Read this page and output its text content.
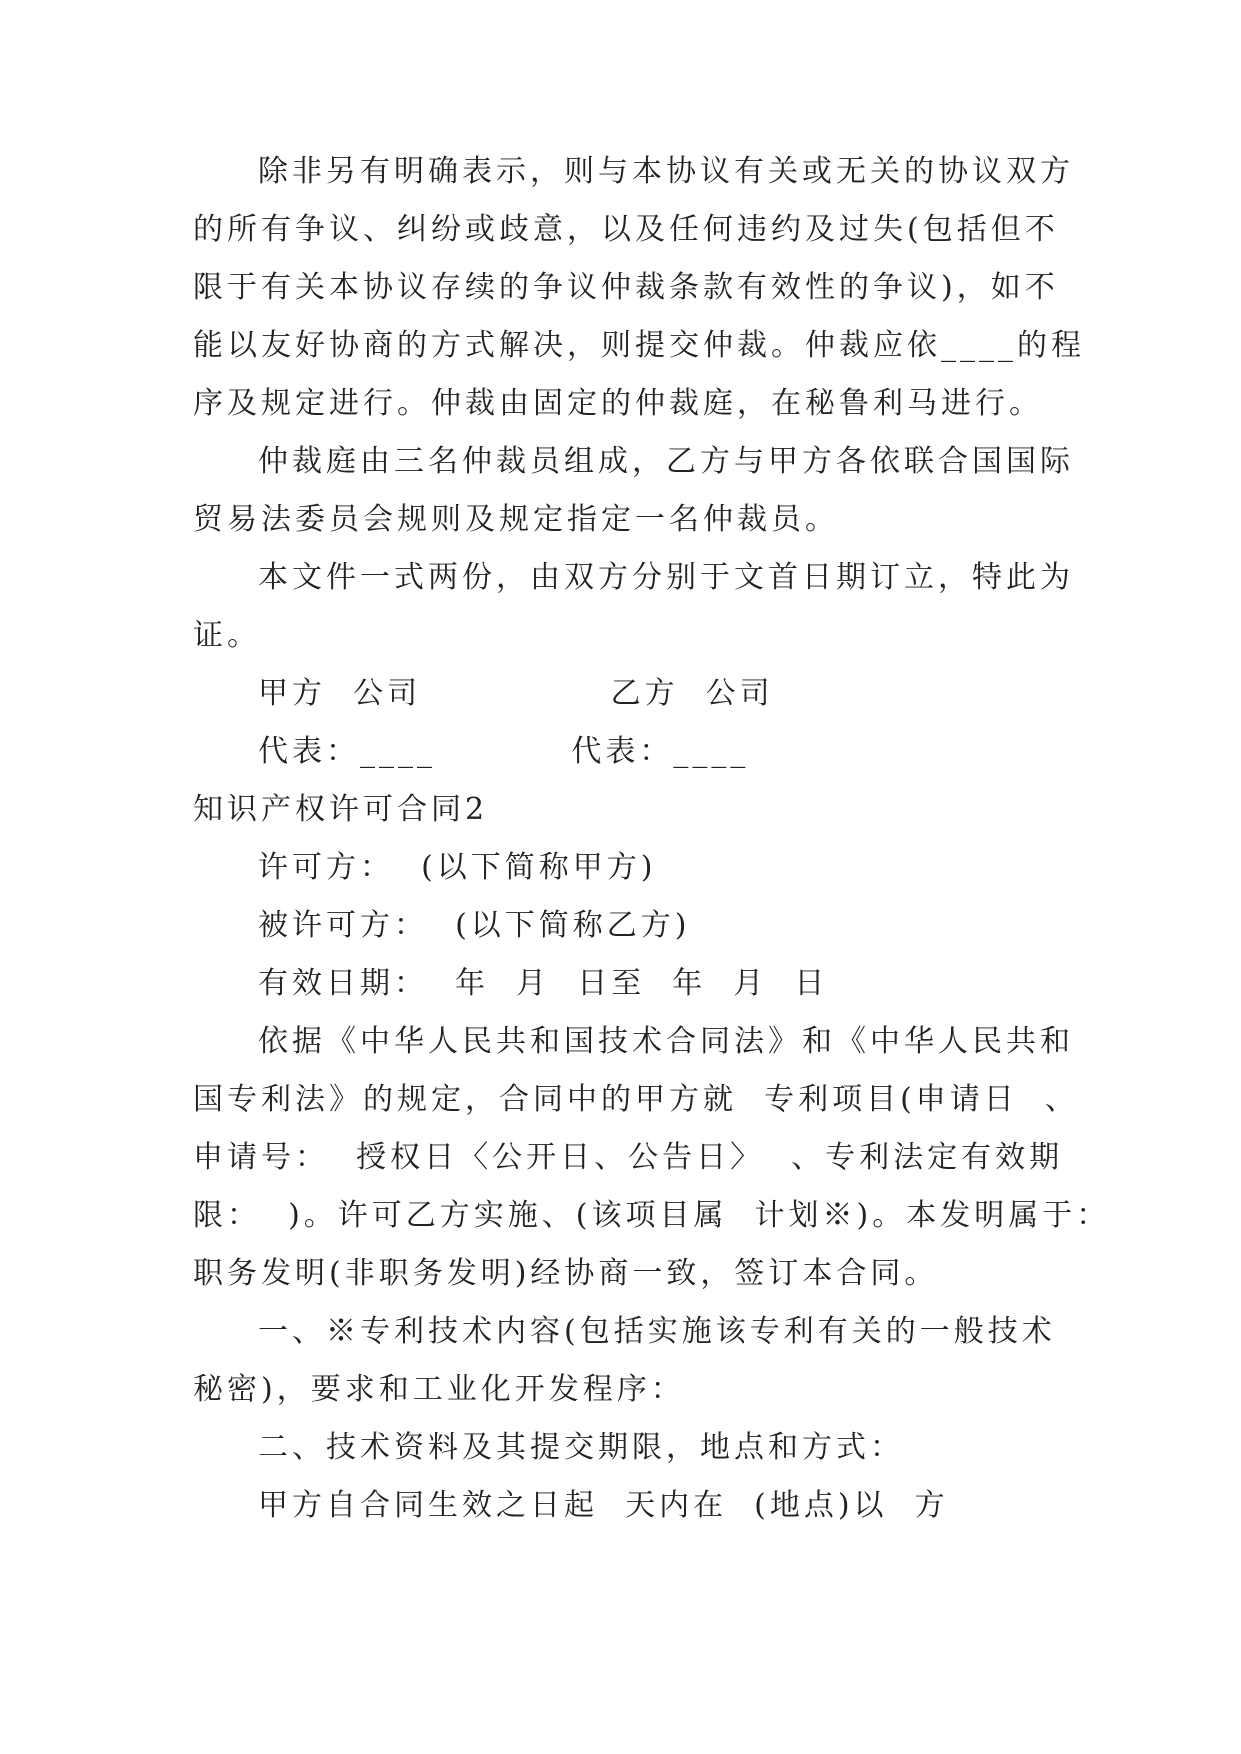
除非另有明确表示，则与本协议有关或无关的协议双方
的所有争议、纠纷或歧意，以及任何违约及过失(包括但不
限于有关本协议存续的争议仲裁条款有效性的争议)，如不
能以友好协商的方式解决，则提交仲裁。仲裁应依____的程
序及规定进行。仲裁由固定的仲裁庭，在秘鲁利马进行。
仲裁庭由三名仲裁员组成，乙方与甲方各依联合国国际
贸易法委员会规则及规定指定一名仲裁员。
本文件一式两份，由双方分别于文首日期订立，特此为
证。
甲方  公司              乙方  公司
代表：____          代表：____
知识产权许可合同2
许可方：  (以下简称甲方)
被许可方：  (以下简称乙方)
有效日期：  年  月  日至  年  月  日
依据《中华人民共和国技术合同法》和《中华人民共和
国专利法》的规定，合同中的甲方就  专利项目(申请日  、
申请号：  授权日〈公开日、公告日〉  、专利法定有效期
限：  )。许可乙方实施、(该项目属  计划※)。本发明属于：
职务发明(非职务发明)经协商一致，签订本合同。
一、※专利技术内容(包括实施该专利有关的一般技术
秘密)，要求和工业化开发程序：
二、技术资料及其提交期限，地点和方式：
甲方自合同生效之日起  天内在  (地点)以  方
